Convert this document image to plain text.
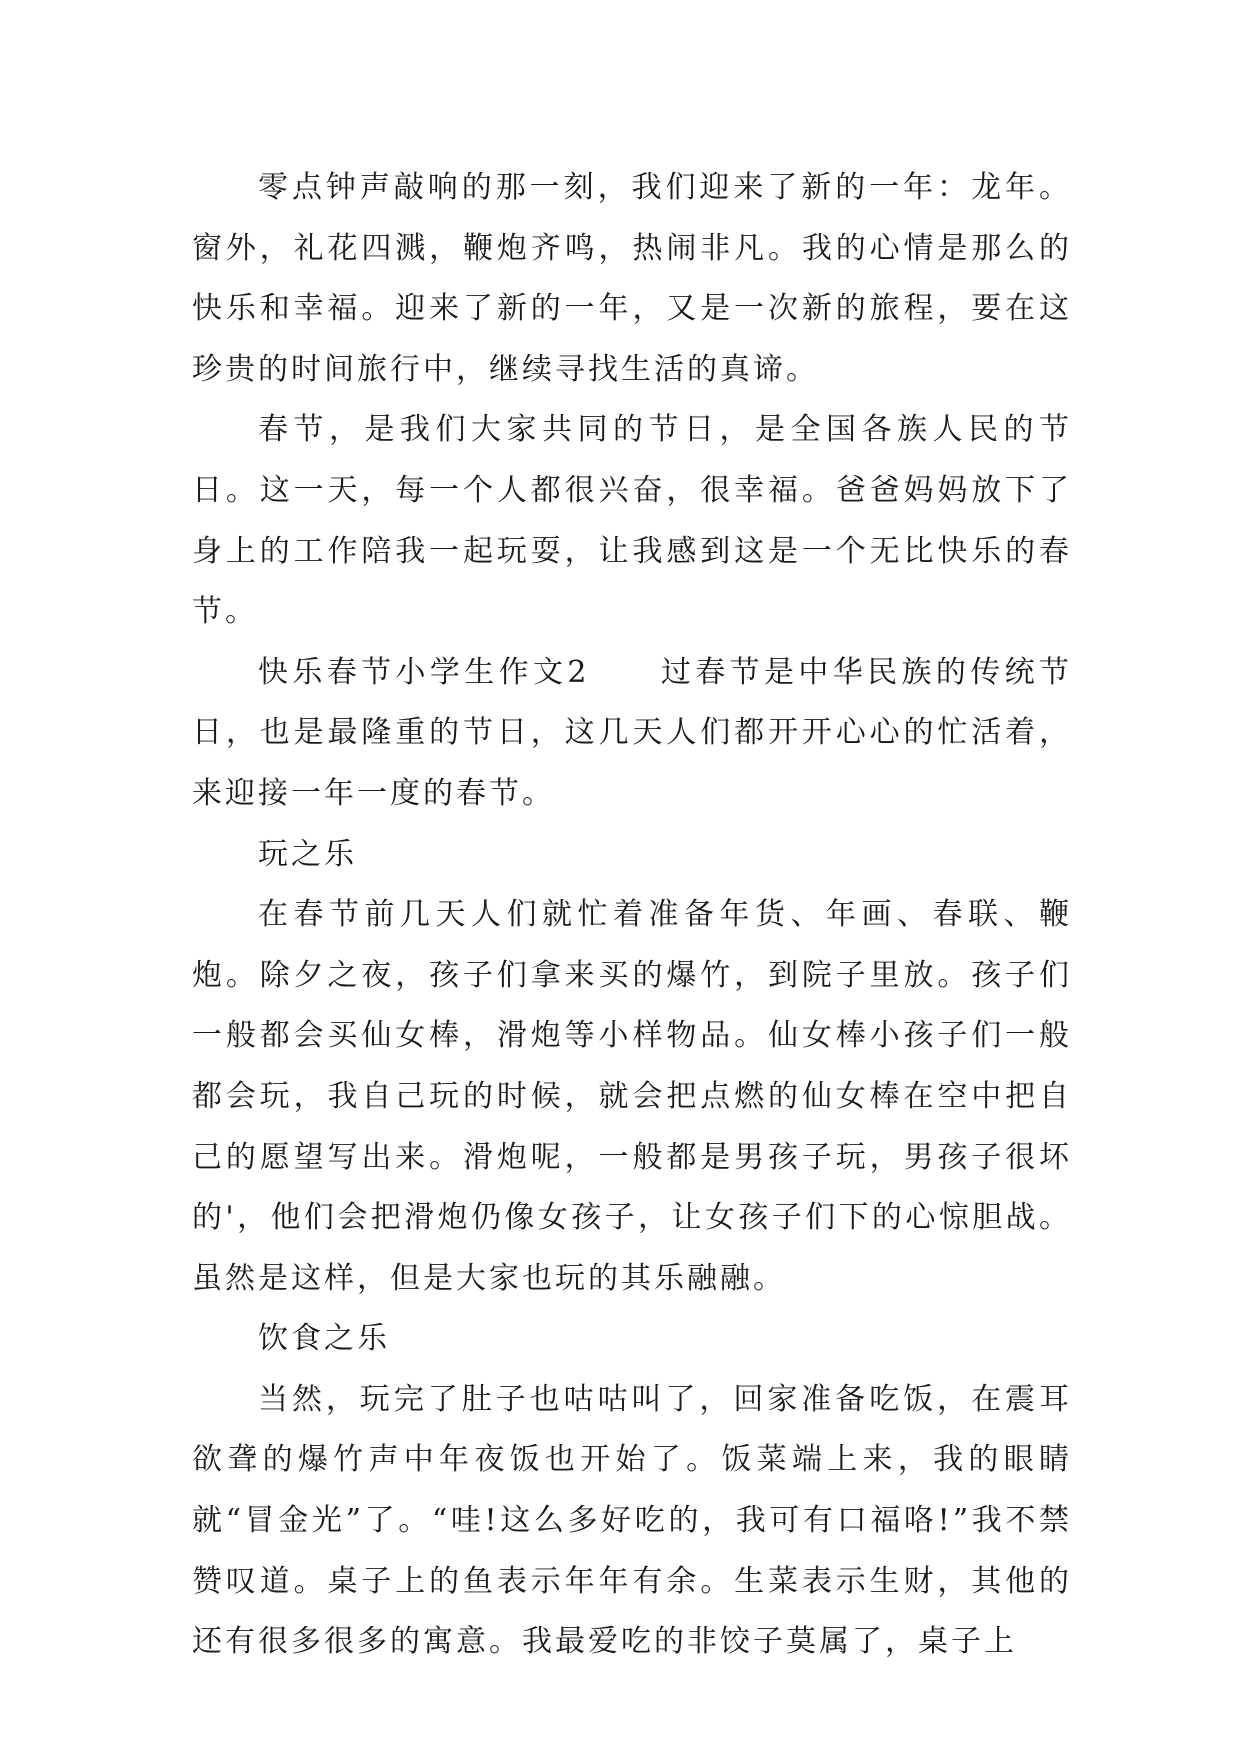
零点钟声敲响的那一刻，我们迎来了新的一年：龙年。窗外，礼花四溅，鞭炮齐鸣，热闹非凡。我的心情是那么的快乐和幸福。迎来了新的一年，又是一次新的旅程，要在这珍贵的时间旅行中，继续寻找生活的真谛。

春节，是我们大家共同的节日，是全国各族人民的节日。这一天，每一个人都很兴奋，很幸福。爸爸妈妈放下了身上的工作陪我一起玩耍，让我感到这是一个无比快乐的春节。

快乐春节小学生作文2 过春节是中华民族的传统节日，也是最隆重的节日，这几天人们都开开心心的忙活着，来迎接一年一度的春节。

玩之乐

在春节前几天人们就忙着准备年货、年画、春联、鞭炮。除夕之夜，孩子们拿来买的爆竹，到院子里放。孩子们一般都会买仙女棒，滑炮等小样物品。仙女棒小孩子们一般都会玩，我自己玩的时候，就会把点燃的仙女棒在空中把自己的愿望写出来。滑炮呢，一般都是男孩子玩，男孩子很坏的'，他们会把滑炮仍像女孩子，让女孩子们下的心惊胆战。虽然是这样，但是大家也玩的其乐融融。

饮食之乐

当然，玩完了肚子也咕咕叫了，回家准备吃饭，在震耳欲聋的爆竹声中年夜饭也开始了。饭菜端上来，我的眼睛就“冒金光”了。“哇!这么多好吃的，我可有口福咯!”我不禁赞叹道。桌子上的鱼表示年年有余。生菜表示生财，其他的还有很多很多的寓意。我最爱吃的非饺子莫属了，桌子上
